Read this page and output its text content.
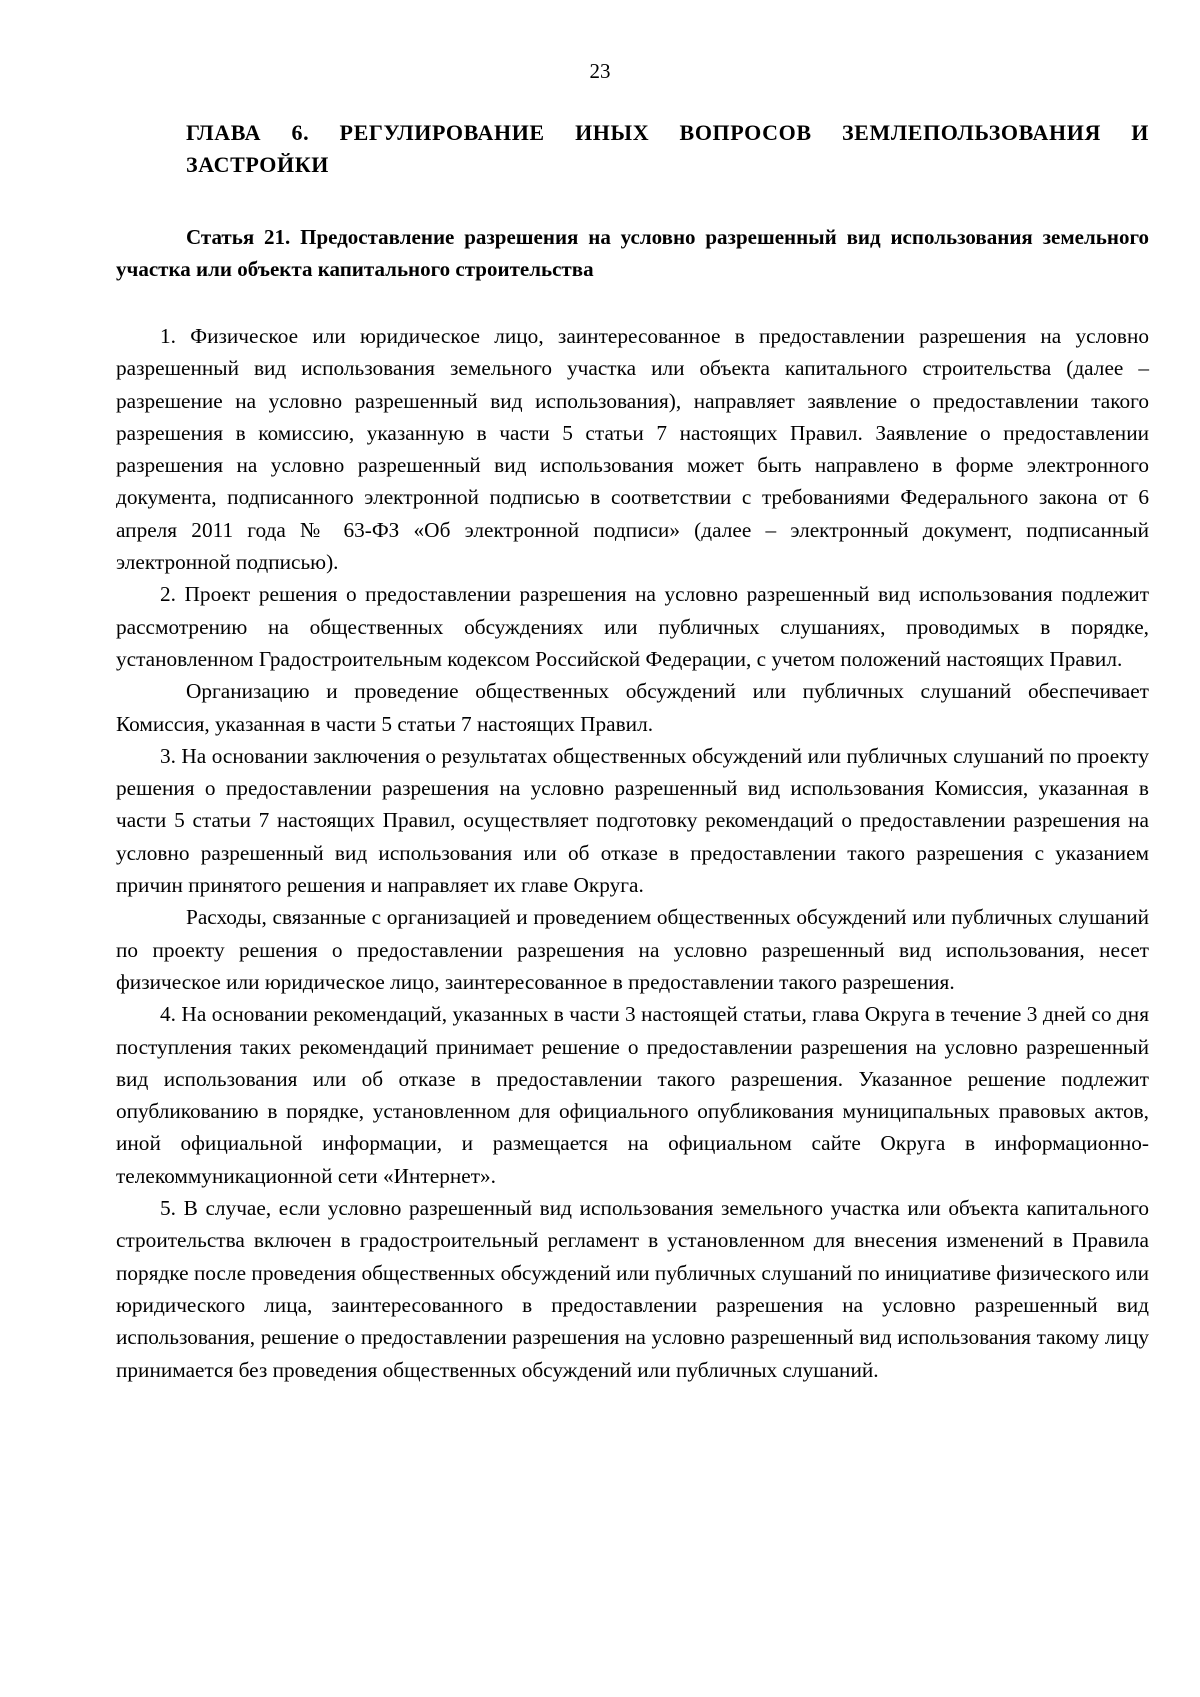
23
ГЛАВА 6. РЕГУЛИРОВАНИЕ ИНЫХ ВОПРОСОВ ЗЕМЛЕПОЛЬЗОВАНИЯ И ЗАСТРОЙКИ
Статья 21. Предоставление разрешения на условно разрешенный вид использования земельного участка или объекта капитального строительства

1. Физическое или юридическое лицо, заинтересованное в предоставлении разрешения на условно разрешенный вид использования земельного участка или объекта капитального строительства (далее – разрешение на условно разрешенный вид использования), направляет заявление о предоставлении такого разрешения в комиссию, указанную в части 5 статьи 7 настоящих Правил. Заявление о предоставлении разрешения на условно разрешенный вид использования может быть направлено в форме электронного документа, подписанного электронной подписью в соответствии с требованиями Федерального закона от 6 апреля 2011 года № 63-ФЗ «Об электронной подписи» (далее – электронный документ, подписанный электронной подписью).

2. Проект решения о предоставлении разрешения на условно разрешенный вид использования подлежит рассмотрению на общественных обсуждениях или публичных слушаниях, проводимых в порядке, установленном Градостроительным кодексом Российской Федерации, с учетом положений настоящих Правил.

Организацию и проведение общественных обсуждений или публичных слушаний обеспечивает Комиссия, указанная в части 5 статьи 7 настоящих Правил.

3. На основании заключения о результатах общественных обсуждений или публичных слушаний по проекту решения о предоставлении разрешения на условно разрешенный вид использования Комиссия, указанная в части 5 статьи 7 настоящих Правил, осуществляет подготовку рекомендаций о предоставлении разрешения на условно разрешенный вид использования или об отказе в предоставлении такого разрешения с указанием причин принятого решения и направляет их главе Округа.

Расходы, связанные с организацией и проведением общественных обсуждений или публичных слушаний по проекту решения о предоставлении разрешения на условно разрешенный вид использования, несет физическое или юридическое лицо, заинтересованное в предоставлении такого разрешения.

4. На основании рекомендаций, указанных в части 3 настоящей статьи, глава Округа в течение 3 дней со дня поступления таких рекомендаций принимает решение о предоставлении разрешения на условно разрешенный вид использования или об отказе в предоставлении такого разрешения. Указанное решение подлежит опубликованию в порядке, установленном для официального опубликования муниципальных правовых актов, иной официальной информации, и размещается на официальном сайте Округа в информационно-телекоммуникационной сети «Интернет».

5. В случае, если условно разрешенный вид использования земельного участка или объекта капитального строительства включен в градостроительный регламент в установленном для внесения изменений в Правила порядке после проведения общественных обсуждений или публичных слушаний по инициативе физического или юридического лица, заинтересованного в предоставлении разрешения на условно разрешенный вид использования, решение о предоставлении разрешения на условно разрешенный вид использования такому лицу принимается без проведения общественных обсуждений или публичных слушаний.
